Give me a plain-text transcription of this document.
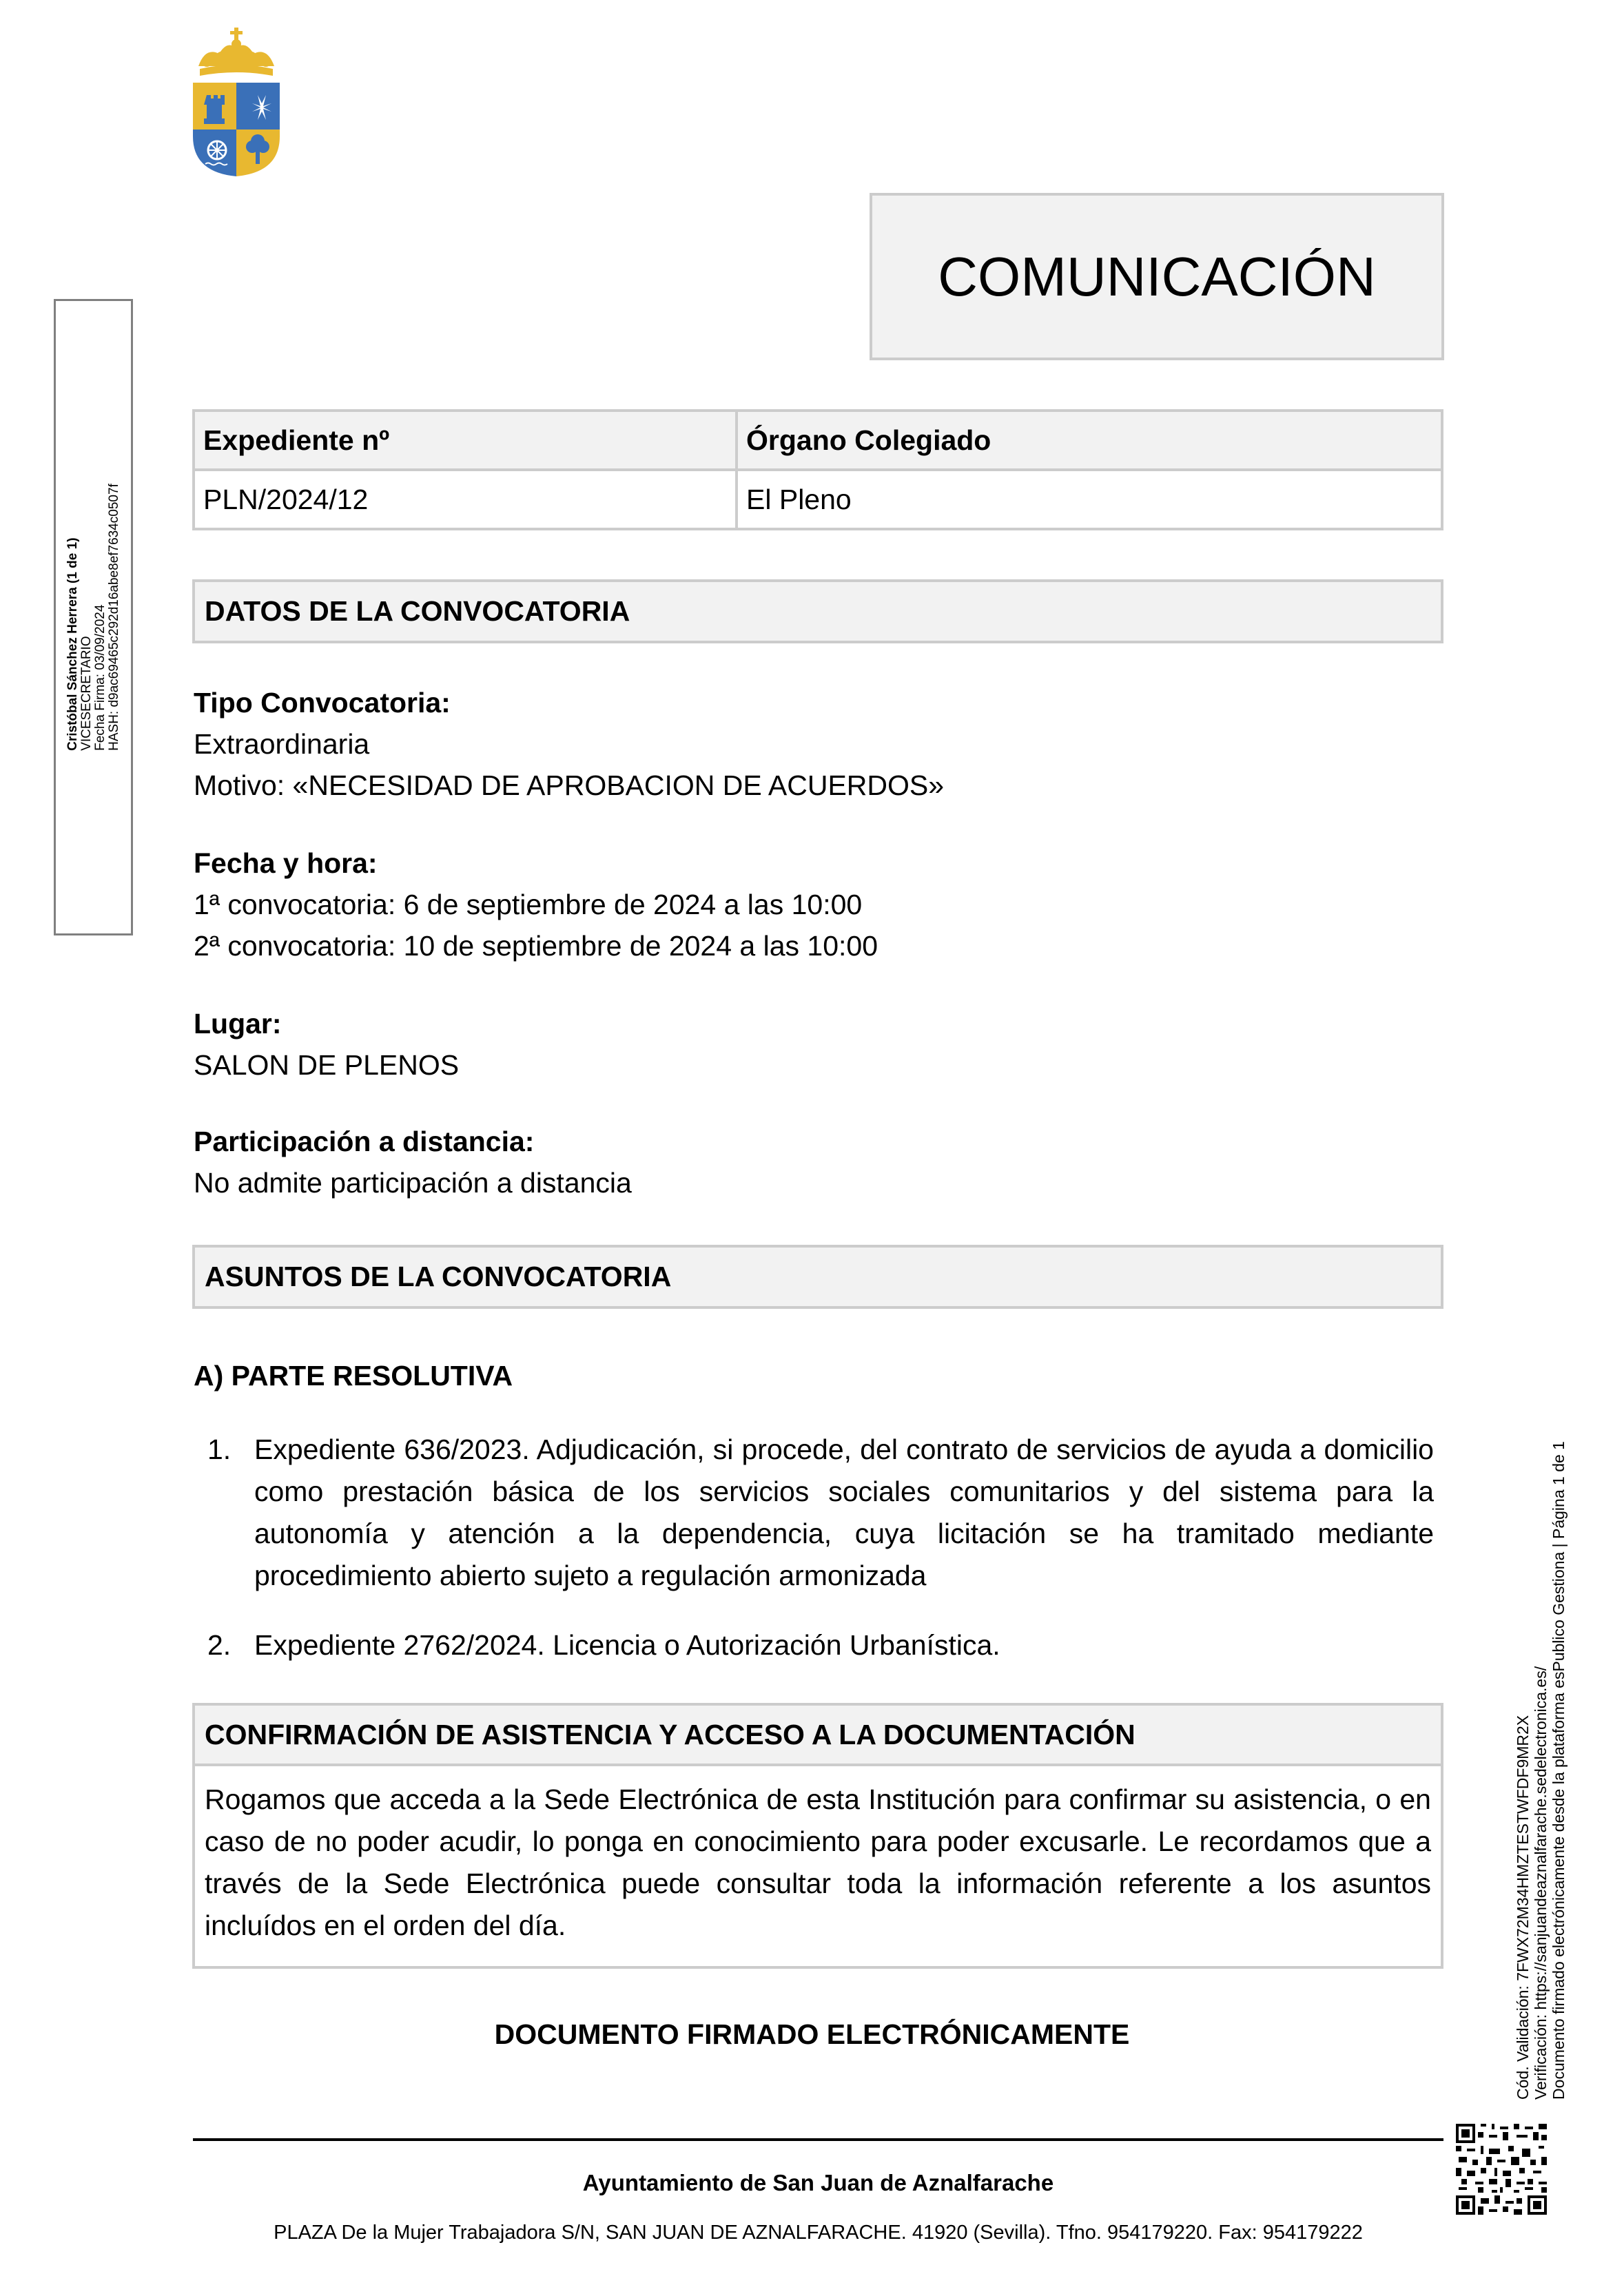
Cristóbal Sánchez Herrera (1 de 1) VICESECRETARIO Fecha Firma: 03/09/2024 HASH: d9ac69465c292d16abe8ef7634c0507f
COMUNICACIÓN
Expediente nº	Órgano Colegiado
PLN/2024/12	El Pleno
DATOS DE LA CONVOCATORIA
Tipo Convocatoria:
Extraordinaria
Motivo: «NECESIDAD DE APROBACION DE ACUERDOS»
Fecha y hora:
1ª convocatoria: 6 de septiembre de 2024 a las 10:00
2ª convocatoria: 10 de septiembre de 2024 a las 10:00
Lugar:
SALON DE PLENOS
Participación a distancia:
No admite participación a distancia
ASUNTOS DE LA CONVOCATORIA
A) PARTE RESOLUTIVA
1. Expediente 636/2023. Adjudicación, si procede, del contrato de servicios de ayuda a domicilio como prestación básica de los servicios sociales comunitarios y del sistema para la autonomía y atención a la dependencia, cuya licitación se ha tramitado mediante procedimiento abierto sujeto a regulación armonizada
2. Expediente 2762/2024. Licencia o Autorización Urbanística.
CONFIRMACIÓN DE ASISTENCIA Y ACCESO A LA DOCUMENTACIÓN
Rogamos que acceda a la Sede Electrónica de esta Institución para confirmar su asistencia, o en caso de no poder acudir, lo ponga en conocimiento para poder excusarle. Le recordamos que a través de la Sede Electrónica puede consultar toda la información referente a los asuntos incluídos en el orden del día.
DOCUMENTO FIRMADO ELECTRÓNICAMENTE
Ayuntamiento de San Juan de Aznalfarache
PLAZA De la Mujer Trabajadora S/N, SAN JUAN DE AZNALFARACHE. 41920 (Sevilla). Tfno. 954179220. Fax: 954179222
Cód. Validación: 7FWX72M34HMZTESTWFDF9MR2X Verificación: https://sanjuandeaznalfarache.sedelectronica.es/ Documento firmado electrónicamente desde la plataforma esPublico Gestiona | Página 1 de 1
